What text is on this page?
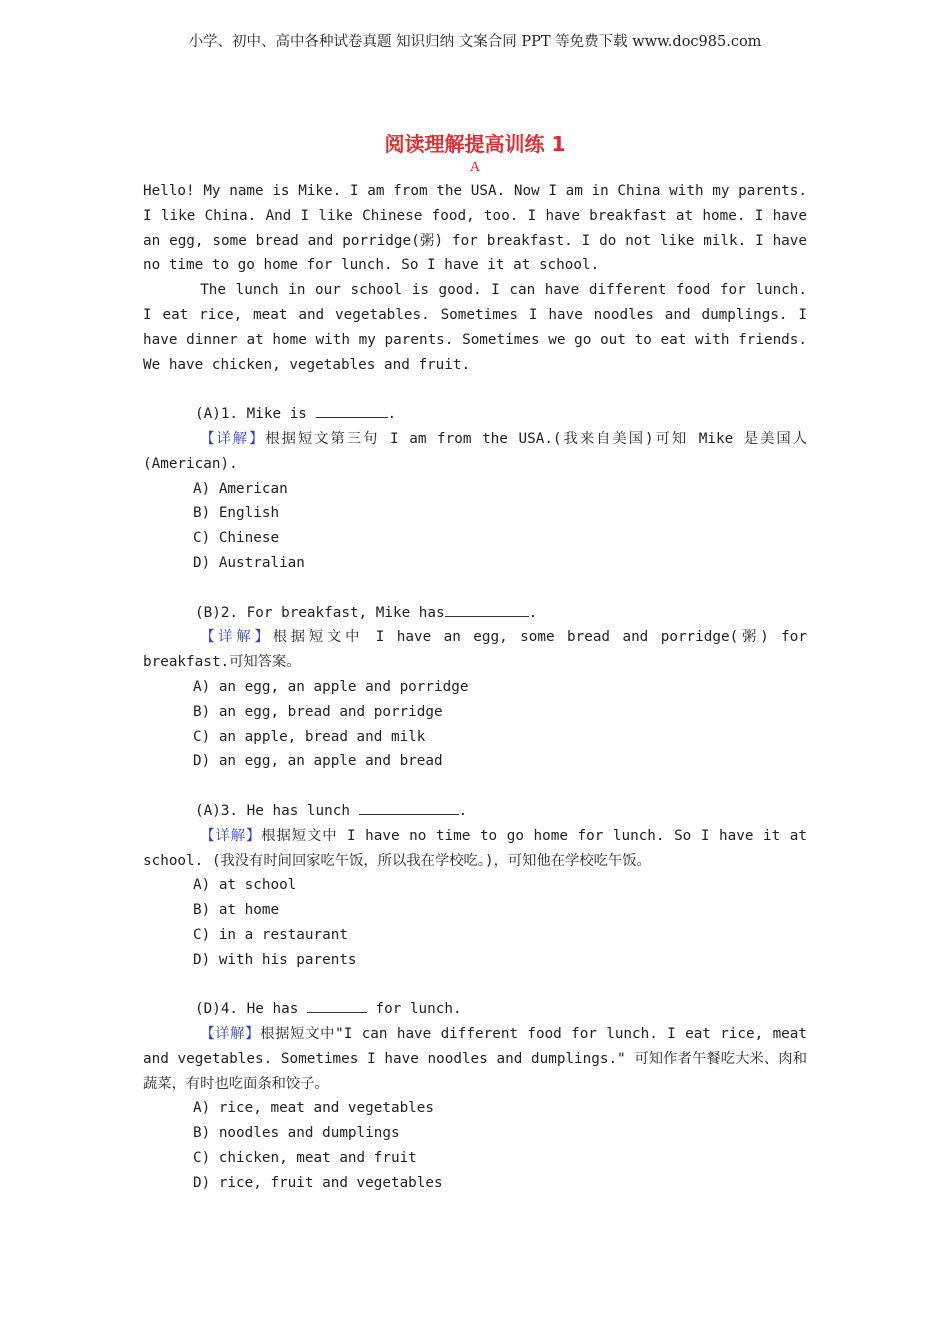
小学、初中、高中各种试卷真题 知识归纳 文案合同 PPT 等免费下载 www.doc985.com
阅读理解提高训练 1
A

Hello! My name is Mike. I am from the USA. Now I am in China with my parents. I like China. And I like Chinese food, too. I have breakfast at home. I have an egg, some bread and porridge(粥) for breakfast. I do not like milk. I have no time to go home for lunch. So I have it at school.

The lunch in our school is good. I can have different food for lunch. I eat rice, meat and vegetables. Sometimes I have noodles and dumplings. I have dinner at home with my parents. Sometimes we go out to eat with friends. We have chicken, vegetables and fruit.

(A)1. Mike is	.

【详解】根据短文第三句 I am from the USA.(我来自美国)可知 Mike 是美国人(American).

A) American

B) English

C) Chinese

D) Australian

(B)2. For breakfast, Mike has	.

【详解】根据短文中 I have an egg, some bread and porridge(粥) for breakfast.可知答案。

A) an egg, an apple and porridge

B) an egg, bread and porridge

C) an apple, bread and milk

D) an egg, an apple and bread

(A)3. He has lunch	.

【详解】根据短文中 I have no time to go home for lunch. So I have it at school. (我没有时间回家吃午饭，所以我在学校吃。)，可知他在学校吃午饭。

A) at school

B) at home

C) in a restaurant

D) with his parents

(D)4. He has	for lunch.

【详解】根据短文中"I can have different food for lunch. I eat rice, meat and vegetables. Sometimes I have noodles and dumplings." 可知作者午餐吃大米、肉和蔬菜，有时也吃面条和饺子。

A) rice, meat and vegetables

B) noodles and dumplings

C) chicken, meat and fruit

D) rice, fruit and vegetables
